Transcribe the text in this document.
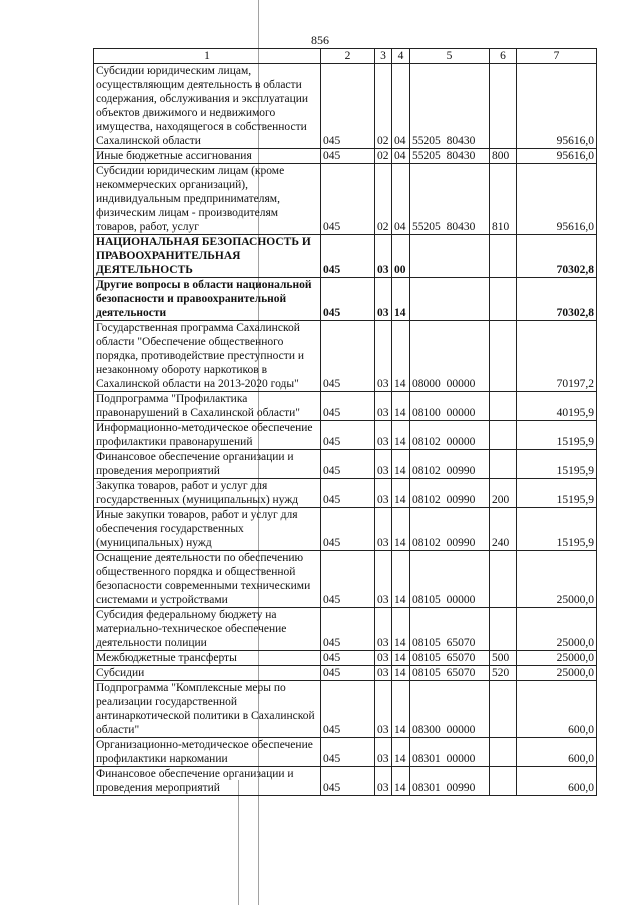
856
1	2	3	4	5	6	7
Субсидии юридическим лицам, осуществляющим деятельность в области содержания, обслуживания и эксплуатации объектов движимого и недвижимого имущества, находящегося в собственности Сахалинской области	045	02	04	55205 80430		95616,0
Иные бюджетные ассигнования	045	02	04	55205 80430	800	95616,0
Субсидии юридическим лицам (кроме некоммерческих организаций), индивидуальным предпринимателям, физическим лицам - производителям товаров, работ, услуг	045	02	04	55205 80430	810	95616,0
НАЦИОНАЛЬНАЯ БЕЗОПАСНОСТЬ И ПРАВООХРАНИТЕЛЬНАЯ ДЕЯТЕЛЬНОСТЬ	045	03	00			70302,8
Другие вопросы в области национальной безопасности и правоохранительной деятельности	045	03	14			70302,8
Государственная программа Сахалинской области "Обеспечение общественного порядка, противодействие преступности и незаконному обороту наркотиков в Сахалинской области на 2013-2020 годы"	045	03	14	08000 00000		70197,2
Подпрограмма "Профилактика правонарушений в Сахалинской области"	045	03	14	08100 00000		40195,9
Информационно-методическое обеспечение профилактики правонарушений	045	03	14	08102 00000		15195,9
Финансовое обеспечение организации и проведения мероприятий	045	03	14	08102 00990		15195,9
Закупка товаров, работ и услуг для государственных (муниципальных) нужд	045	03	14	08102 00990	200	15195,9
Иные закупки товаров, работ и услуг для обеспечения государственных (муниципальных) нужд	045	03	14	08102 00990	240	15195,9
Оснащение деятельности по обеспечению общественного порядка и общественной безопасности современными техническими системами и устройствами	045	03	14	08105 00000		25000,0
Субсидия федеральному бюджету на материально-техническое обеспечение деятельности полиции	045	03	14	08105 65070		25000,0
Межбюджетные трансферты	045	03	14	08105 65070	500	25000,0
Субсидии	045	03	14	08105 65070	520	25000,0
Подпрограмма "Комплексные меры по реализации государственной антинаркотической политики в Сахалинской области"	045	03	14	08300 00000		600,0
Организационно-методическое обеспечение профилактики наркомании	045	03	14	08301 00000		600,0
Финансовое обеспечение организации и проведения мероприятий	045	03	14	08301 00990		600,0
